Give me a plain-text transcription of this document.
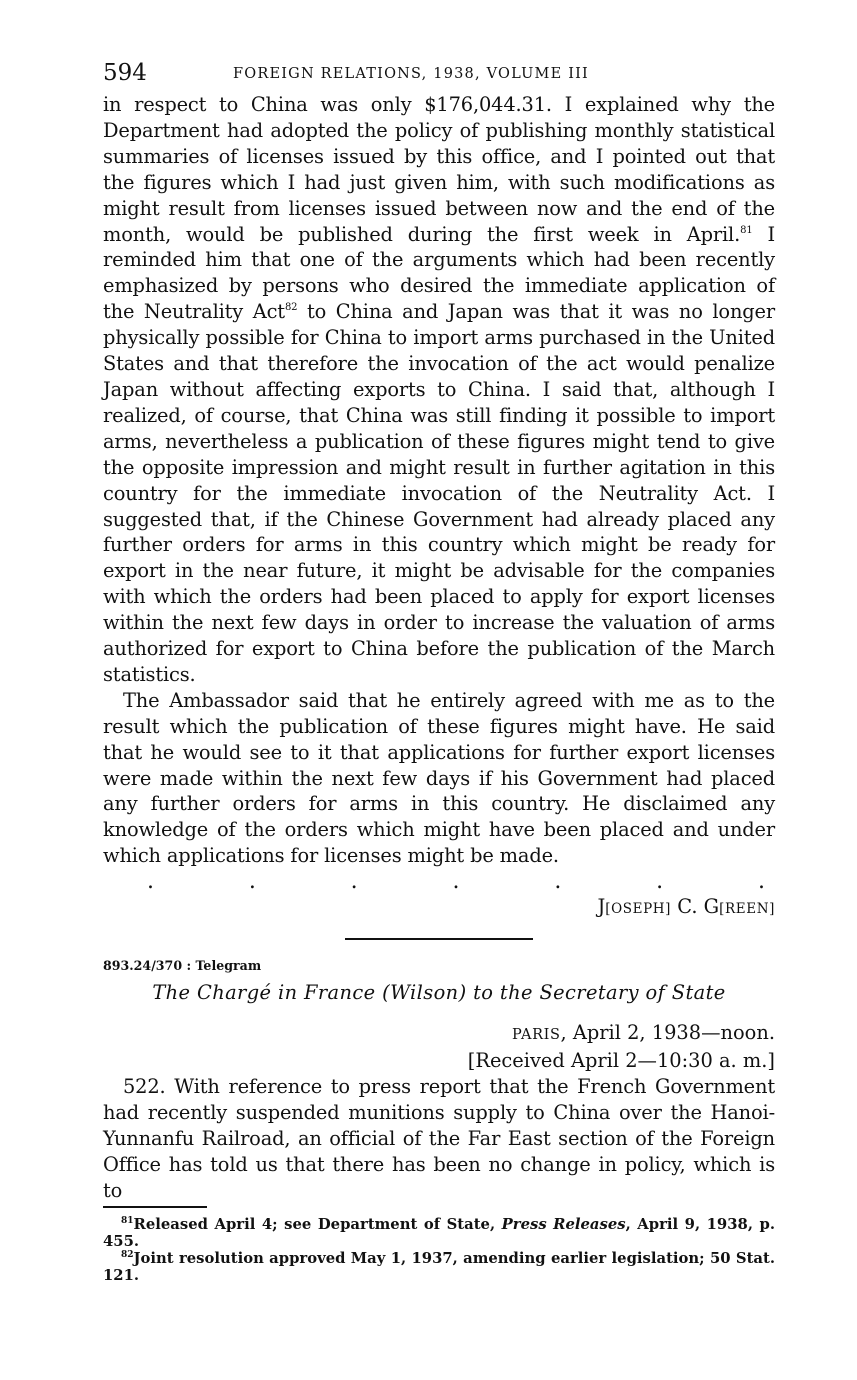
594	FOREIGN RELATIONS, 1938, VOLUME III

in respect to China was only $176,044.31. I explained why the Department had adopted the policy of publishing monthly statistical summaries of licenses issued by this office, and I pointed out that the figures which I had just given him, with such modifications as might result from licenses issued between now and the end of the month, would be published during the first week in April.$^{81}$ I reminded him that one of the arguments which had been recently emphasized by persons who desired the immediate application of the Neutrality Act$^{82}$ to China and Japan was that it was no longer physically possible for China to import arms purchased in the United States and that therefore the invocation of the act would penalize Japan without affecting exports to China. I said that, although I realized, of course, that China was still finding it possible to import arms, nevertheless a publication of these figures might tend to give the opposite impression and might result in further agitation in this country for the immediate invocation of the Neutrality Act. I suggested that, if the Chinese Government had already placed any further orders for arms in this country which might be ready for export in the near future, it might be advisable for the companies with which the orders had been placed to apply for export licenses within the next few days in order to increase the valuation of arms authorized for export to China before the publication of the March statistics.

The Ambassador said that he entirely agreed with me as to the result which the publication of these figures might have. He said that he would see to it that applications for further export licenses were made within the next few days if his Government had placed any further orders for arms in this country. He disclaimed any knowledge of the orders which might have been placed and under which applications for licenses might be made.

.	.	.	.	.	.	.
J[OSEPH] C. G[REEN]
893.24/370 : Telegram
The Chargé in France (Wilson) to the Secretary of State
PARIS, April 2, 1938—noon.
[Received April 2—10:30 a. m.]

522. With reference to press report that the French Government had recently suspended munitions supply to China over the Hanoi-Yunnanfu Railroad, an official of the Far East section of the Foreign Office has told us that there has been no change in policy, which is to

$^{81}$Released April 4; see Department of State, Press Releases, April 9, 1938, p. 455.

$^{82}$Joint resolution approved May 1, 1937, amending earlier legislation; 50 Stat. 121.
